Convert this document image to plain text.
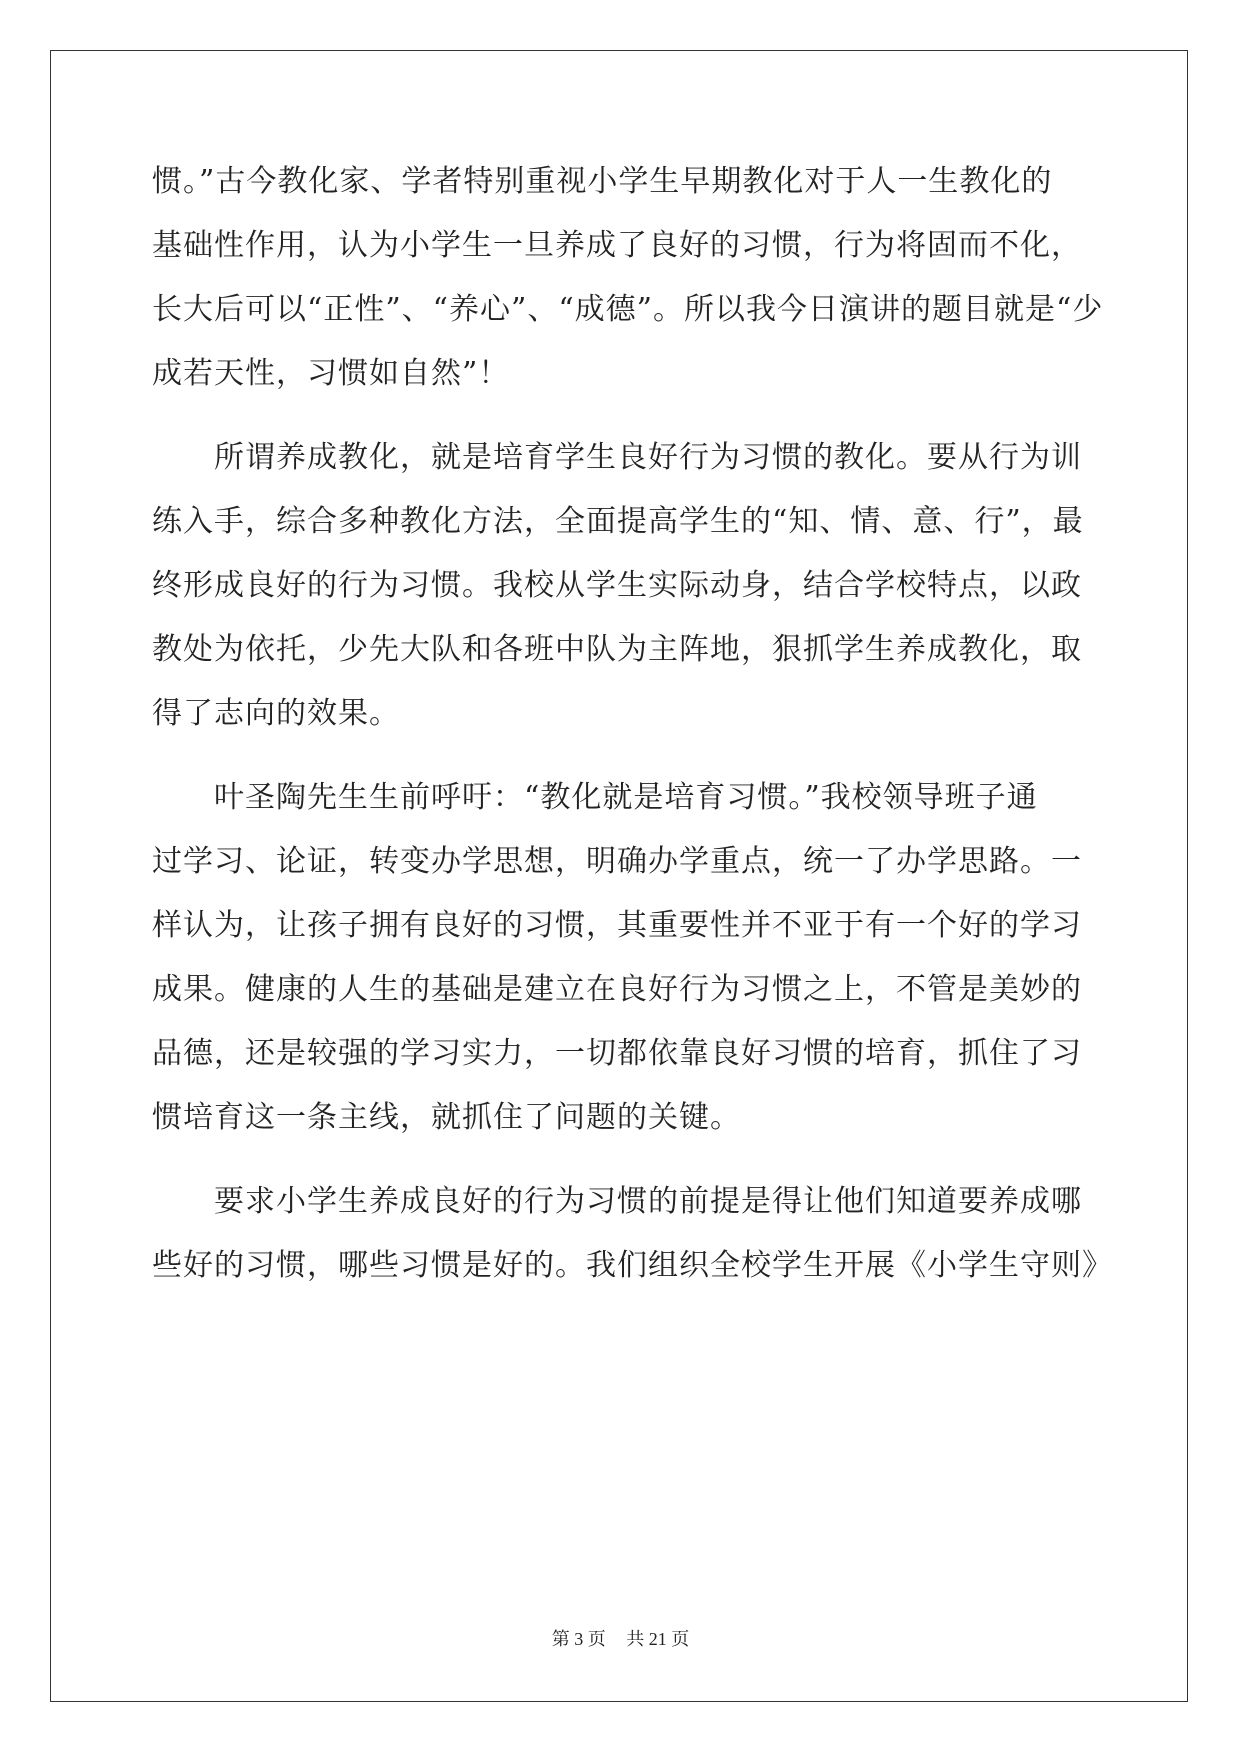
惯。”古今教化家、学者特别重视小学生早期教化对于人一生教化的
基础性作用，认为小学生一旦养成了良好的习惯，行为将固而不化，
长大后可以“正性”、“养心”、“成德”。所以我今日演讲的题目就是“少
成若天性，习惯如自然”！

所谓养成教化，就是培育学生良好行为习惯的教化。要从行为训
练入手，综合多种教化方法，全面提高学生的“知、情、意、行”，最
终形成良好的行为习惯。我校从学生实际动身，结合学校特点，以政
教处为依托，少先大队和各班中队为主阵地，狠抓学生养成教化，取
得了志向的效果。

叶圣陶先生生前呼吁：“教化就是培育习惯。”我校领导班子通
过学习、论证，转变办学思想，明确办学重点，统一了办学思路。一
样认为，让孩子拥有良好的习惯，其重要性并不亚于有一个好的学习
成果。健康的人生的基础是建立在良好行为习惯之上，不管是美妙的
品德，还是较强的学习实力，一切都依靠良好习惯的培育，抓住了习
惯培育这一条主线，就抓住了问题的关键。

要求小学生养成良好的行为习惯的前提是得让他们知道要养成哪
些好的习惯，哪些习惯是好的。我们组织全校学生开展《小学生守则》

第 3 页 共 21 页
